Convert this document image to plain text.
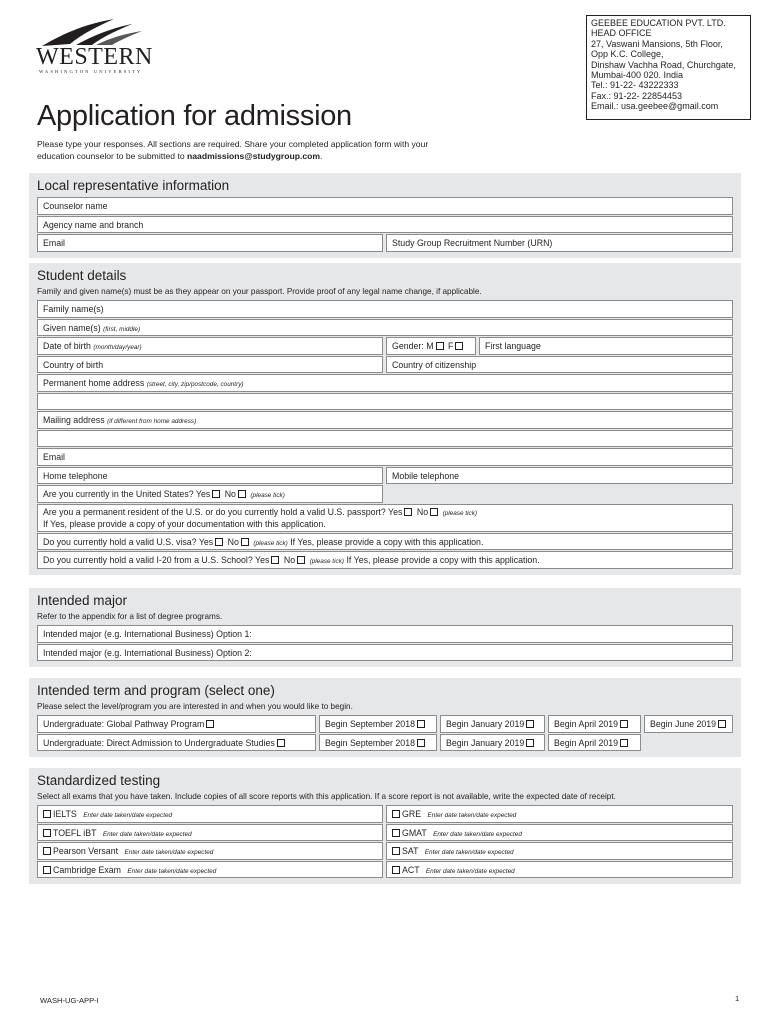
WESTERN
WASHINGTON UNIVERSITY
GEEBEE EDUCATION PVT. LTD.
HEAD OFFICE
27, Vaswani Mansions, 5th Floor,
Opp K.C. College,
Dinshaw Vachha Road, Churchgate,
Mumbai-400 020. India
Tel.: 91-22- 43222333
Fax.: 91-22- 22854453
Email.: usa.geebee@gmail.com
Application for admission

Please type your responses. All sections are required. Share your completed application form with your education counselor to be submitted to naadmissions@studygroup.com.

Local representative information
Counselor name
Agency name and branch
Email	Study Group Recruitment Number (URN)
Student details
Family and given name(s) must be as they appear on your passport. Provide proof of any legal name change, if applicable.
Family name(s)
Given name(s) (first, middle)
Date of birth (month/day/year)	Gender: M F	First language
Country of birth	Country of citizenship
Permanent home address (street, city, zip/postcode, country)
Mailing address (if different from home address)
Email
Home telephone	Mobile telephone
Are you currently in the United States? Yes No (please tick)
Are you a permanent resident of the U.S. or do you currently hold a valid U.S. passport? Yes No (please tick)
If Yes, please provide a copy of your documentation with this application.
Do you currently hold a valid U.S. visa? Yes No (please tick) If Yes, please provide a copy with this application.
Do you currently hold a valid I-20 from a U.S. School? Yes No (please tick) If Yes, please provide a copy with this application.
Intended major
Refer to the appendix for a list of degree programs.
Intended major (e.g. International Business) Option 1:
Intended major (e.g. International Business) Option 2:
Intended term and program (select one)
Please select the level/program you are interested in and when you would like to begin.
Undergraduate: Global Pathway Program	Begin September 2018	Begin January 2019	Begin April 2019	Begin June 2019
Undergraduate: Direct Admission to Undergraduate Studies	Begin September 2018	Begin January 2019	Begin April 2019
Standardized testing
Select all exams that you have taken. Include copies of all score reports with this application. If a score report is not available, write the expected date of receipt.
IELTS Enter date taken/date expected	GRE Enter date taken/date expected
TOEFL iBT Enter date taken/date expected	GMAT Enter date taken/date expected
Pearson Versant Enter date taken/date expected	SAT Enter date taken/date expected
Cambridge Exam Enter date taken/date expected	ACT Enter date taken/date expected
WASH-UG-APP-I	1
